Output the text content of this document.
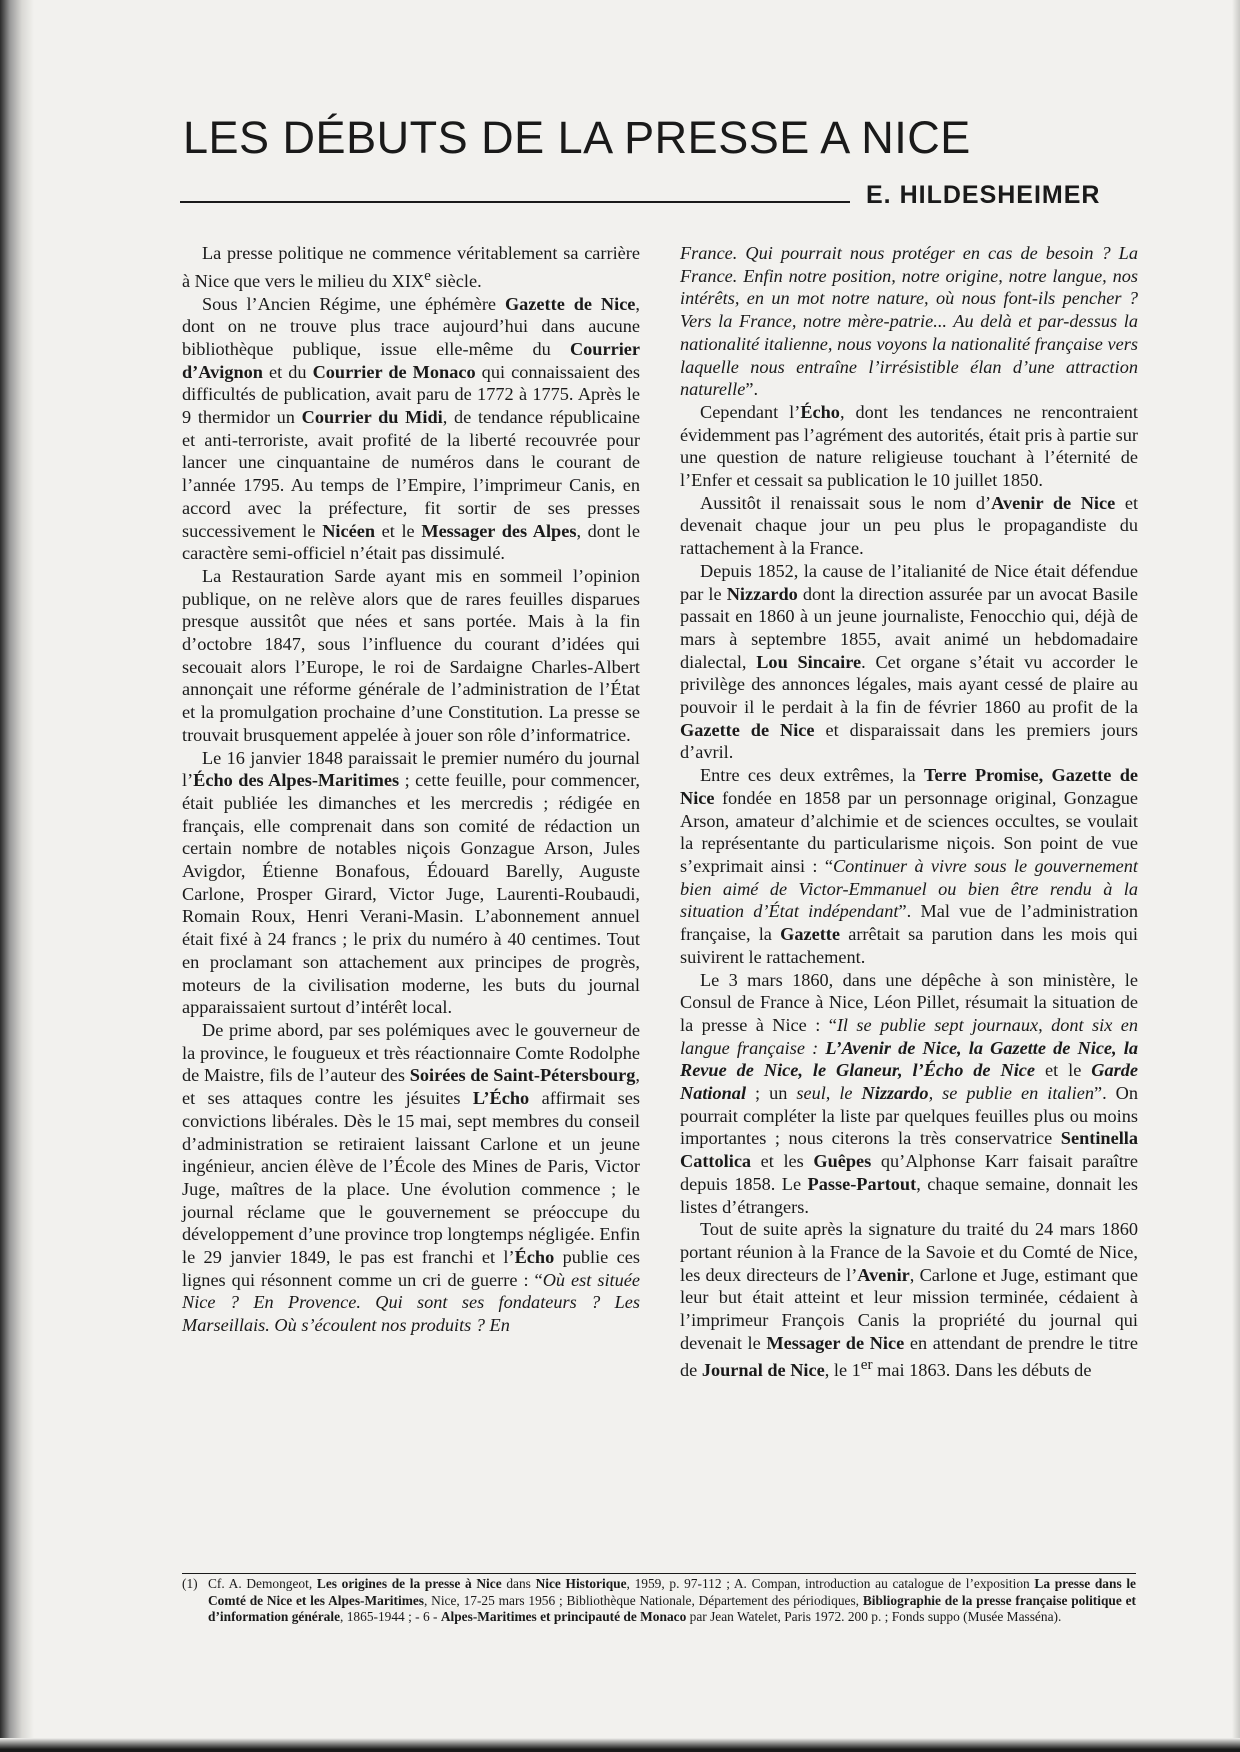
LES DÉBUTS DE LA PRESSE A NICE
E. HILDESHEIMER

La presse politique ne commence véritablement sa carrière à Nice que vers le milieu du XIXe siècle.

Sous l’Ancien Régime, une éphémère Gazette de Nice, dont on ne trouve plus trace aujourd’hui dans aucune bibliothèque publique, issue elle-même du Courrier d’Avignon et du Courrier de Monaco qui connaissaient des difficultés de publication, avait paru de 1772 à 1775. Après le 9 thermidor un Courrier du Midi, de tendance républicaine et anti-terroriste, avait profité de la liberté recouvrée pour lancer une cinquantaine de numéros dans le courant de l’année 1795. Au temps de l’Empire, l’imprimeur Canis, en accord avec la préfecture, fit sortir de ses presses successivement le Nicéen et le Messager des Alpes, dont le caractère semi-officiel n’était pas dissimulé.

La Restauration Sarde ayant mis en sommeil l’opinion publique, on ne relève alors que de rares feuilles disparues presque aussitôt que nées et sans portée. Mais à la fin d’octobre 1847, sous l’influence du courant d’idées qui secouait alors l’Europe, le roi de Sardaigne Charles-Albert annonçait une réforme générale de l’administration de l’État et la promulgation prochaine d’une Constitution. La presse se trouvait brusquement appelée à jouer son rôle d’informatrice.

Le 16 janvier 1848 paraissait le premier numéro du journal l’Écho des Alpes-Maritimes ; cette feuille, pour commencer, était publiée les dimanches et les mercredis ; rédigée en français, elle comprenait dans son comité de rédaction un certain nombre de notables niçois Gonzague Arson, Jules Avigdor, Étienne Bonafous, Édouard Barelly, Auguste Carlone, Prosper Girard, Victor Juge, Laurenti-Roubaudi, Romain Roux, Henri Verani-Masin. L’abonnement annuel était fixé à 24 francs ; le prix du numéro à 40 centimes. Tout en proclamant son attachement aux principes de progrès, moteurs de la civilisation moderne, les buts du journal apparaissaient surtout d’intérêt local.

De prime abord, par ses polémiques avec le gouverneur de la province, le fougueux et très réactionnaire Comte Rodolphe de Maistre, fils de l’auteur des Soirées de Saint-Pétersbourg, et ses attaques contre les jésuites L’Écho affirmait ses convictions libérales. Dès le 15 mai, sept membres du conseil d’administration se retiraient laissant Carlone et un jeune ingénieur, ancien élève de l’École des Mines de Paris, Victor Juge, maîtres de la place. Une évolution commence ; le journal réclame que le gouvernement se préoccupe du développement d’une province trop longtemps négligée. Enfin le 29 janvier 1849, le pas est franchi et l’Écho publie ces lignes qui résonnent comme un cri de guerre : “Où est située Nice ? En Provence. Qui sont ses fondateurs ? Les Marseillais. Où s’écoulent nos produits ? En

France. Qui pourrait nous protéger en cas de besoin ? La France. Enfin notre position, notre origine, notre langue, nos intérêts, en un mot notre nature, où nous font-ils pencher ? Vers la France, notre mère-patrie... Au delà et par-dessus la nationalité italienne, nous voyons la nationalité française vers laquelle nous entraîne l’irrésistible élan d’une attraction naturelle”.

Cependant l’Écho, dont les tendances ne rencontraient évidemment pas l’agrément des autorités, était pris à partie sur une question de nature religieuse touchant à l’éternité de l’Enfer et cessait sa publication le 10 juillet 1850.

Aussitôt il renaissait sous le nom d’Avenir de Nice et devenait chaque jour un peu plus le propagandiste du rattachement à la France.

Depuis 1852, la cause de l’italianité de Nice était défendue par le Nizzardo dont la direction assurée par un avocat Basile passait en 1860 à un jeune journaliste, Fenocchio qui, déjà de mars à septembre 1855, avait animé un hebdomadaire dialectal, Lou Sincaire. Cet organe s’était vu accorder le privilège des annonces légales, mais ayant cessé de plaire au pouvoir il le perdait à la fin de février 1860 au profit de la Gazette de Nice et disparaissait dans les premiers jours d’avril.

Entre ces deux extrêmes, la Terre Promise, Gazette de Nice fondée en 1858 par un personnage original, Gonzague Arson, amateur d’alchimie et de sciences occultes, se voulait la représentante du particularisme niçois. Son point de vue s’exprimait ainsi : “Continuer à vivre sous le gouvernement bien aimé de Victor-Emmanuel ou bien être rendu à la situation d’État indépendant”. Mal vue de l’administration française, la Gazette arrêtait sa parution dans les mois qui suivirent le rattachement.

Le 3 mars 1860, dans une dépêche à son ministère, le Consul de France à Nice, Léon Pillet, résumait la situation de la presse à Nice : “Il se publie sept journaux, dont six en langue française : L’Avenir de Nice, la Gazette de Nice, la Revue de Nice, le Glaneur, l’Écho de Nice et le Garde National ; un seul, le Nizzardo, se publie en italien”. On pourrait compléter la liste par quelques feuilles plus ou moins importantes ; nous citerons la très conservatrice Sentinella Cattolica et les Guêpes qu’Alphonse Karr faisait paraître depuis 1858. Le Passe-Partout, chaque semaine, donnait les listes d’étrangers.

Tout de suite après la signature du traité du 24 mars 1860 portant réunion à la France de la Savoie et du Comté de Nice, les deux directeurs de l’Avenir, Carlone et Juge, estimant que leur but était atteint et leur mission terminée, cédaient à l’imprimeur François Canis la propriété du journal qui devenait le Messager de Nice en attendant de prendre le titre de Journal de Nice, le 1er mai 1863. Dans les débuts de

(1) Cf. A. Demongeot, Les origines de la presse à Nice dans Nice Historique, 1959, p. 97-112 ; A. Compan, introduction au catalogue de l’exposition La presse dans le Comté de Nice et les Alpes-Maritimes, Nice, 17-25 mars 1956 ; Bibliothèque Nationale, Département des périodiques, Bibliographie de la presse française politique et d’information générale, 1865-1944 ; - 6 - Alpes-Maritimes et principauté de Monaco par Jean Watelet, Paris 1972. 200 p. ; Fonds suppo (Musée Masséna).
